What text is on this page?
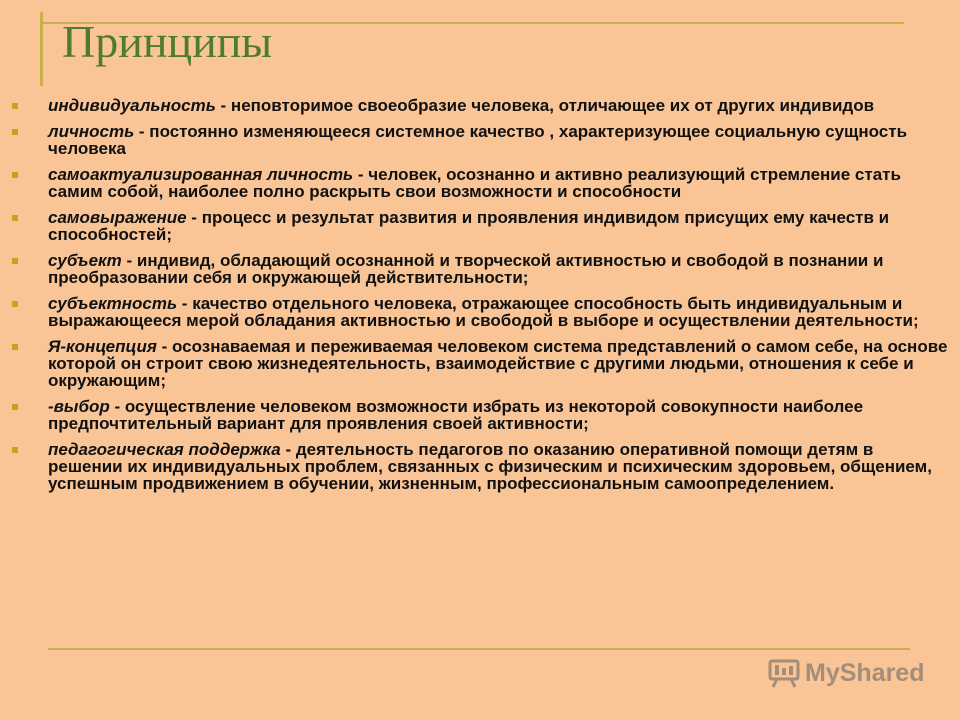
Принципы
индивидуальность - неповторимое своеобразие человека, отличающее их от других индивидов
личность - постоянно изменяющееся системное качество , характеризующее социальную сущность человека
самоактуализированная личность - человек, осознанно и активно реализующий стремление стать самим собой, наиболее полно раскрыть свои возможности и способности
самовыражение - процесс и результат развития и проявления индивидом присущих ему качеств и способностей;
субъект - индивид, обладающий осознанной и творческой активностью и свободой в познании и преобразовании себя и окружающей действительности;
субъектность - качество отдельного человека, отражающее способность быть индивидуальным и выражающееся мерой обладания активностью и свободой в выборе и осуществлении деятельности;
Я-концепция - осознаваемая и переживаемая человеком система представлений о самом себе, на основе которой он строит свою жизнедеятельность, взаимодействие с другими людьми, отношения к себе и окружающим;
-выбор - осуществление человеком возможности избрать из некоторой совокупности наиболее предпочтительный вариант для проявления своей активности;
педагогическая поддержка - деятельность педагогов по оказанию оперативной помощи детям в решении их индивидуальных проблем, связанных с физическим и психическим здоровьем, общением, успешным продвижением в обучении, жизненным, профессиональным самоопределением.
MyShared
